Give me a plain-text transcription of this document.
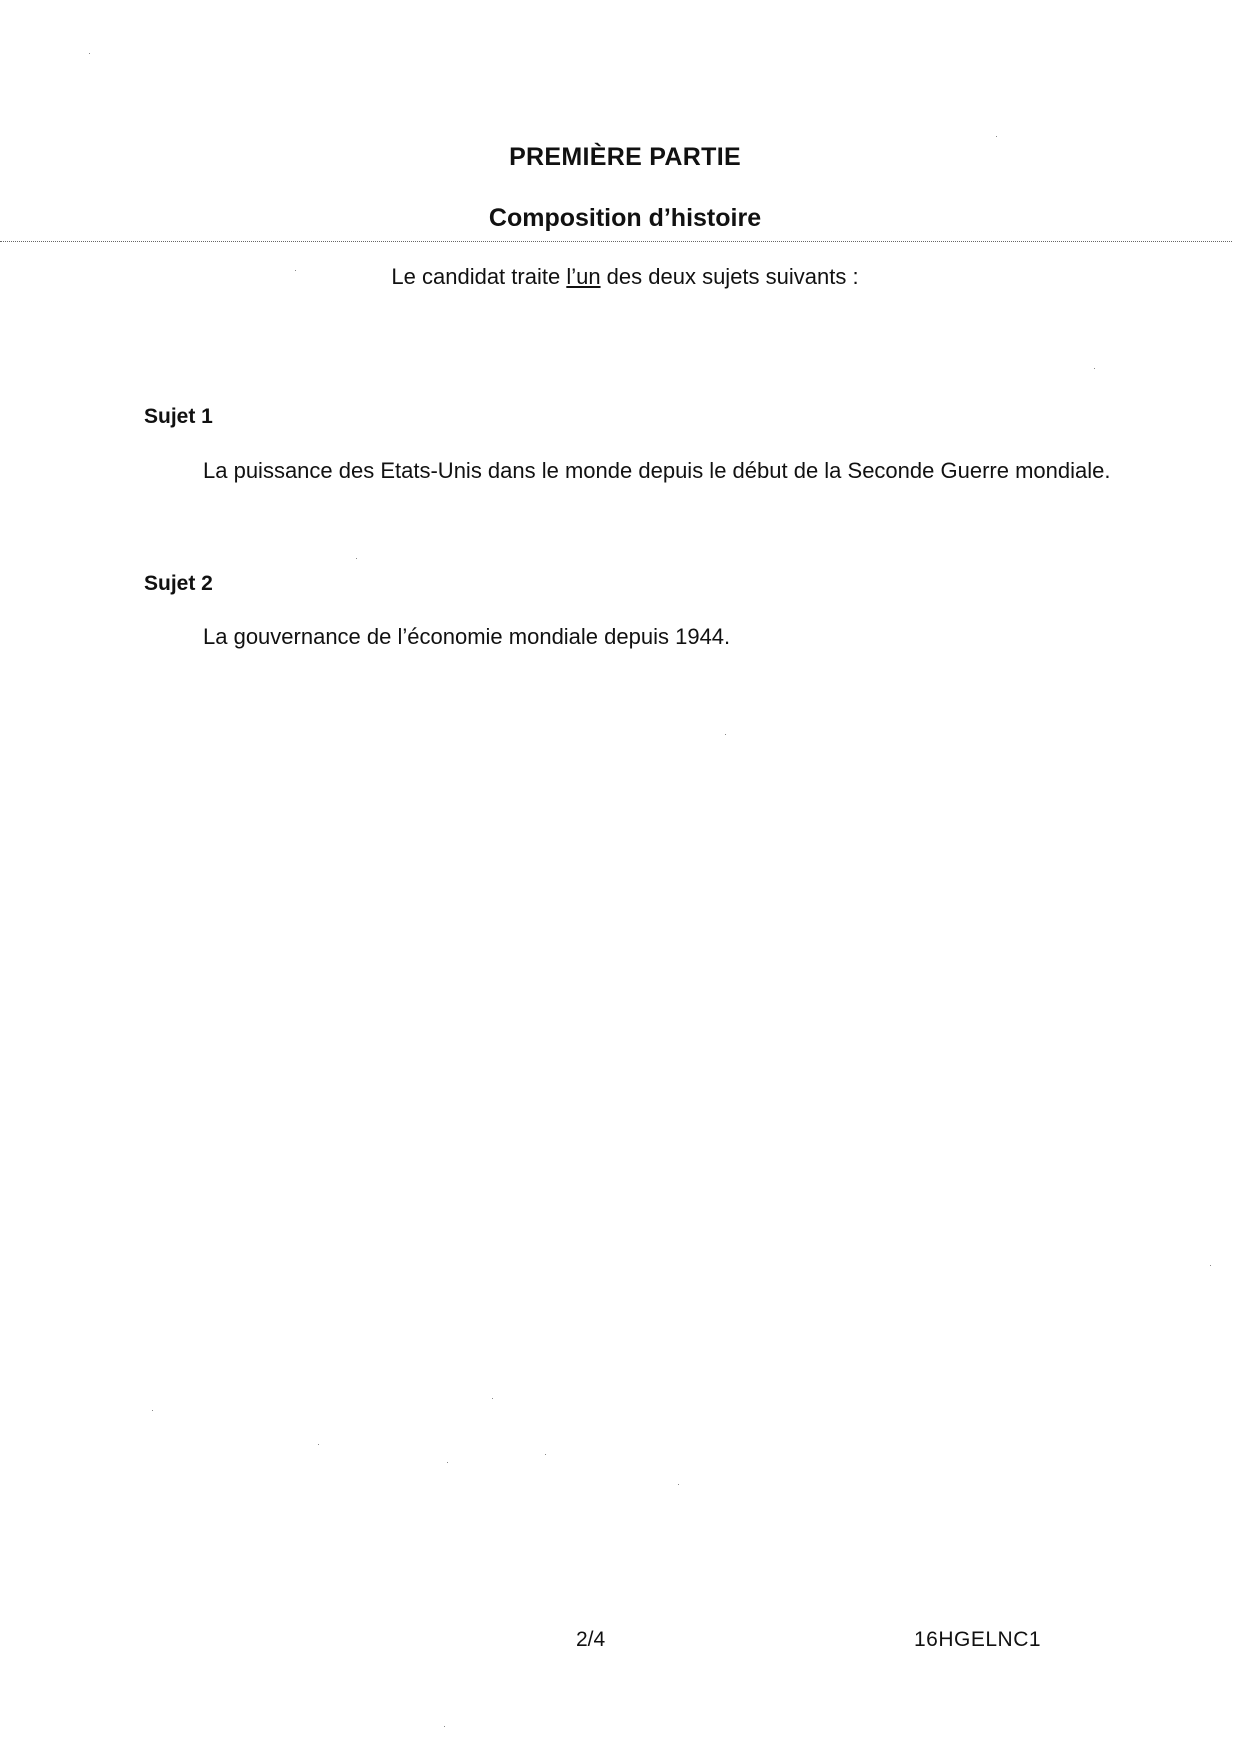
PREMIÈRE PARTIE
Composition d’histoire
Le candidat traite l’un des deux sujets suivants :
Sujet 1
La puissance des Etats-Unis dans le monde depuis le début de la Seconde Guerre mondiale.
Sujet 2
La gouvernance de l’économie mondiale depuis 1944.
2/4	16HGELNC1
